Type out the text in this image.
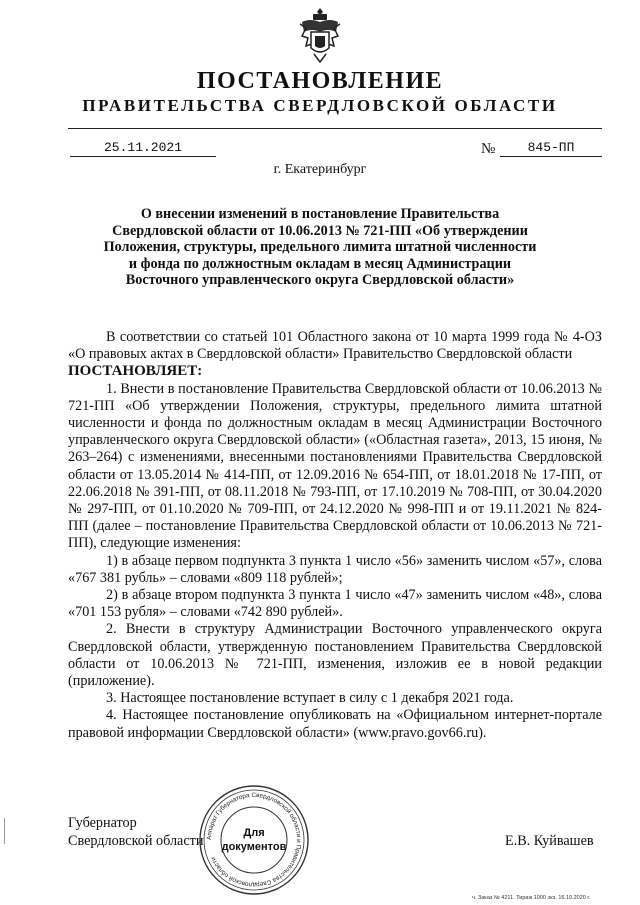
ПОСТАНОВЛЕНИЕ
ПРАВИТЕЛЬСТВА СВЕРДЛОВСКОЙ ОБЛАСТИ
25.11.2021	№	845-ПП
г. Екатеринбург
О внесении изменений в постановление Правительства Свердловской области от 10.06.2013 № 721-ПП «Об утверждении Положения, структуры, предельного лимита штатной численности и фонда по должностным окладам в месяц Администрации Восточного управленческого округа Свердловской области»

В соответствии со статьей 101 Областного закона от 10 марта 1999 года № 4-ОЗ «О правовых актах в Свердловской области» Правительство Свердловской области

ПОСТАНОВЛЯЕТ:

1. Внести в постановление Правительства Свердловской области от 10.06.2013 № 721-ПП «Об утверждении Положения, структуры, предельного лимита штатной численности и фонда по должностным окладам в месяц Администрации Восточного управленческого округа Свердловской области» («Областная газета», 2013, 15 июня, № 263–264) с изменениями, внесенными постановлениями Правительства Свердловской области от 13.05.2014 № 414-ПП, от 12.09.2016 № 654-ПП, от 18.01.2018 № 17-ПП, от 22.06.2018 № 391-ПП, от 08.11.2018 № 793-ПП, от 17.10.2019 № 708-ПП, от 30.04.2020 № 297-ПП, от 01.10.2020 № 709-ПП, от 24.12.2020 № 998-ПП и от 19.11.2021 № 824-ПП (далее – постановление Правительства Свердловской области от 10.06.2013 № 721-ПП), следующие изменения:

1) в абзаце первом подпункта 3 пункта 1 число «56» заменить числом «57», слова «767 381 рубль» – словами «809 118 рублей»;

2) в абзаце втором подпункта 3 пункта 1 число «47» заменить числом «48», слова «701 153 рубля» – словами «742 890 рублей».

2. Внести в структуру Администрации Восточного управленческого округа Свердловской области, утвержденную постановлением Правительства Свердловской области от 10.06.2013 № 721-ПП, изменения, изложив ее в новой редакции (приложение).

3. Настоящее постановление вступает в силу с 1 декабря 2021 года.

4. Настоящее постановление опубликовать на «Официальном интернет-портале правовой информации Свердловской области» (www.pravo.gov66.ru).

Губернатор
Свердловской области	Е.В. Куйвашев
Аппарат Губернатора Свердловской области и Правительства Свердловской области
Для
документов
ч. Заказ № 4211. Тираж 1000 экз. 16.10.2020 г.
